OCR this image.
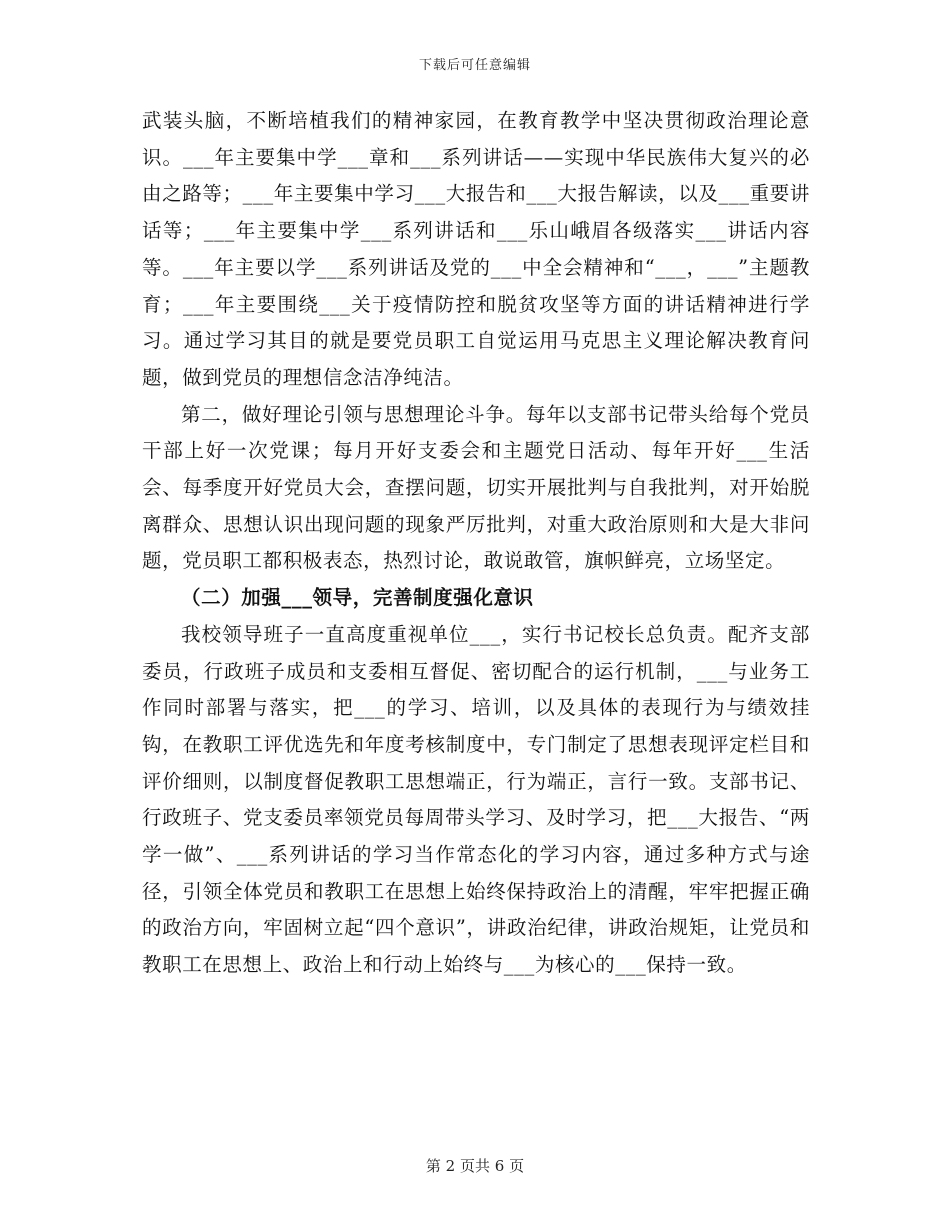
下载后可任意编辑

武装头脑，不断培植我们的精神家园，在教育教学中坚决贯彻政治理论意识。___年主要集中学___章和___系列讲话——实现中华民族伟大复兴的必由之路等；___年主要集中学习___大报告和___大报告解读，以及___重要讲话等；___年主要集中学___系列讲话和___乐山峨眉各级落实___讲话内容等。___年主要以学___系列讲话及党的___中全会精神和“___，___”主题教育；___年主要围绕___关于疫情防控和脱贫攻坚等方面的讲话精神进行学习。通过学习其目的就是要党员职工自觉运用马克思主义理论解决教育问题，做到党员的理想信念洁净纯洁。

第二，做好理论引领与思想理论斗争。每年以支部书记带头给每个党员干部上好一次党课；每月开好支委会和主题党日活动、每年开好___生活会、每季度开好党员大会，查摆问题，切实开展批判与自我批判，对开始脱离群众、思想认识出现问题的现象严厉批判，对重大政治原则和大是大非问题，党员职工都积极表态，热烈讨论，敢说敢管，旗帜鲜亮，立场坚定。

（二）加强___领导，完善制度强化意识

我校领导班子一直高度重视单位___，实行书记校长总负责。配齐支部委员，行政班子成员和支委相互督促、密切配合的运行机制，___与业务工作同时部署与落实，把___的学习、培训，以及具体的表现行为与绩效挂钩，在教职工评优选先和年度考核制度中，专门制定了思想表现评定栏目和评价细则，以制度督促教职工思想端正，行为端正，言行一致。支部书记、行政班子、党支委员率领党员每周带头学习、及时学习，把___大报告、“两学一做”、___系列讲话的学习当作常态化的学习内容，通过多种方式与途径，引领全体党员和教职工在思想上始终保持政治上的清醒，牢牢把握正确的政治方向，牢固树立起“四个意识”，讲政治纪律，讲政治规矩，让党员和教职工在思想上、政治上和行动上始终与___为核心的___保持一致。

第 2 页共 6 页
